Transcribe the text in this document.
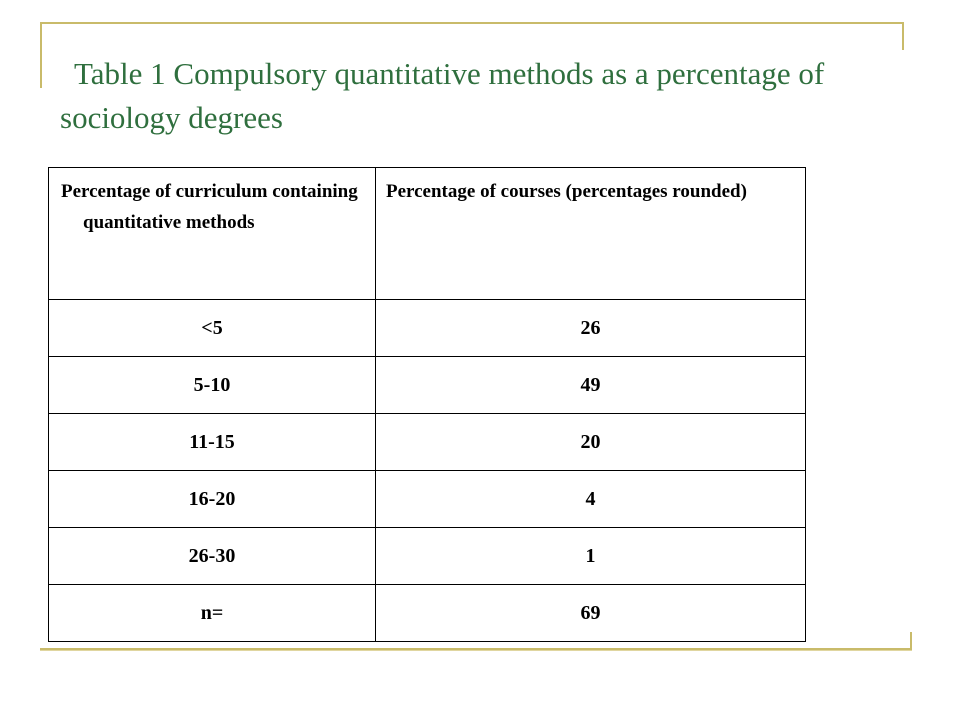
Table 1 Compulsory quantitative methods as a percentage of sociology degrees
Percentage of curriculum containing quantitative methods	Percentage of courses (percentages rounded)
<5	26
5-10	49
11-15	20
16-20	4
26-30	1
n=	69
